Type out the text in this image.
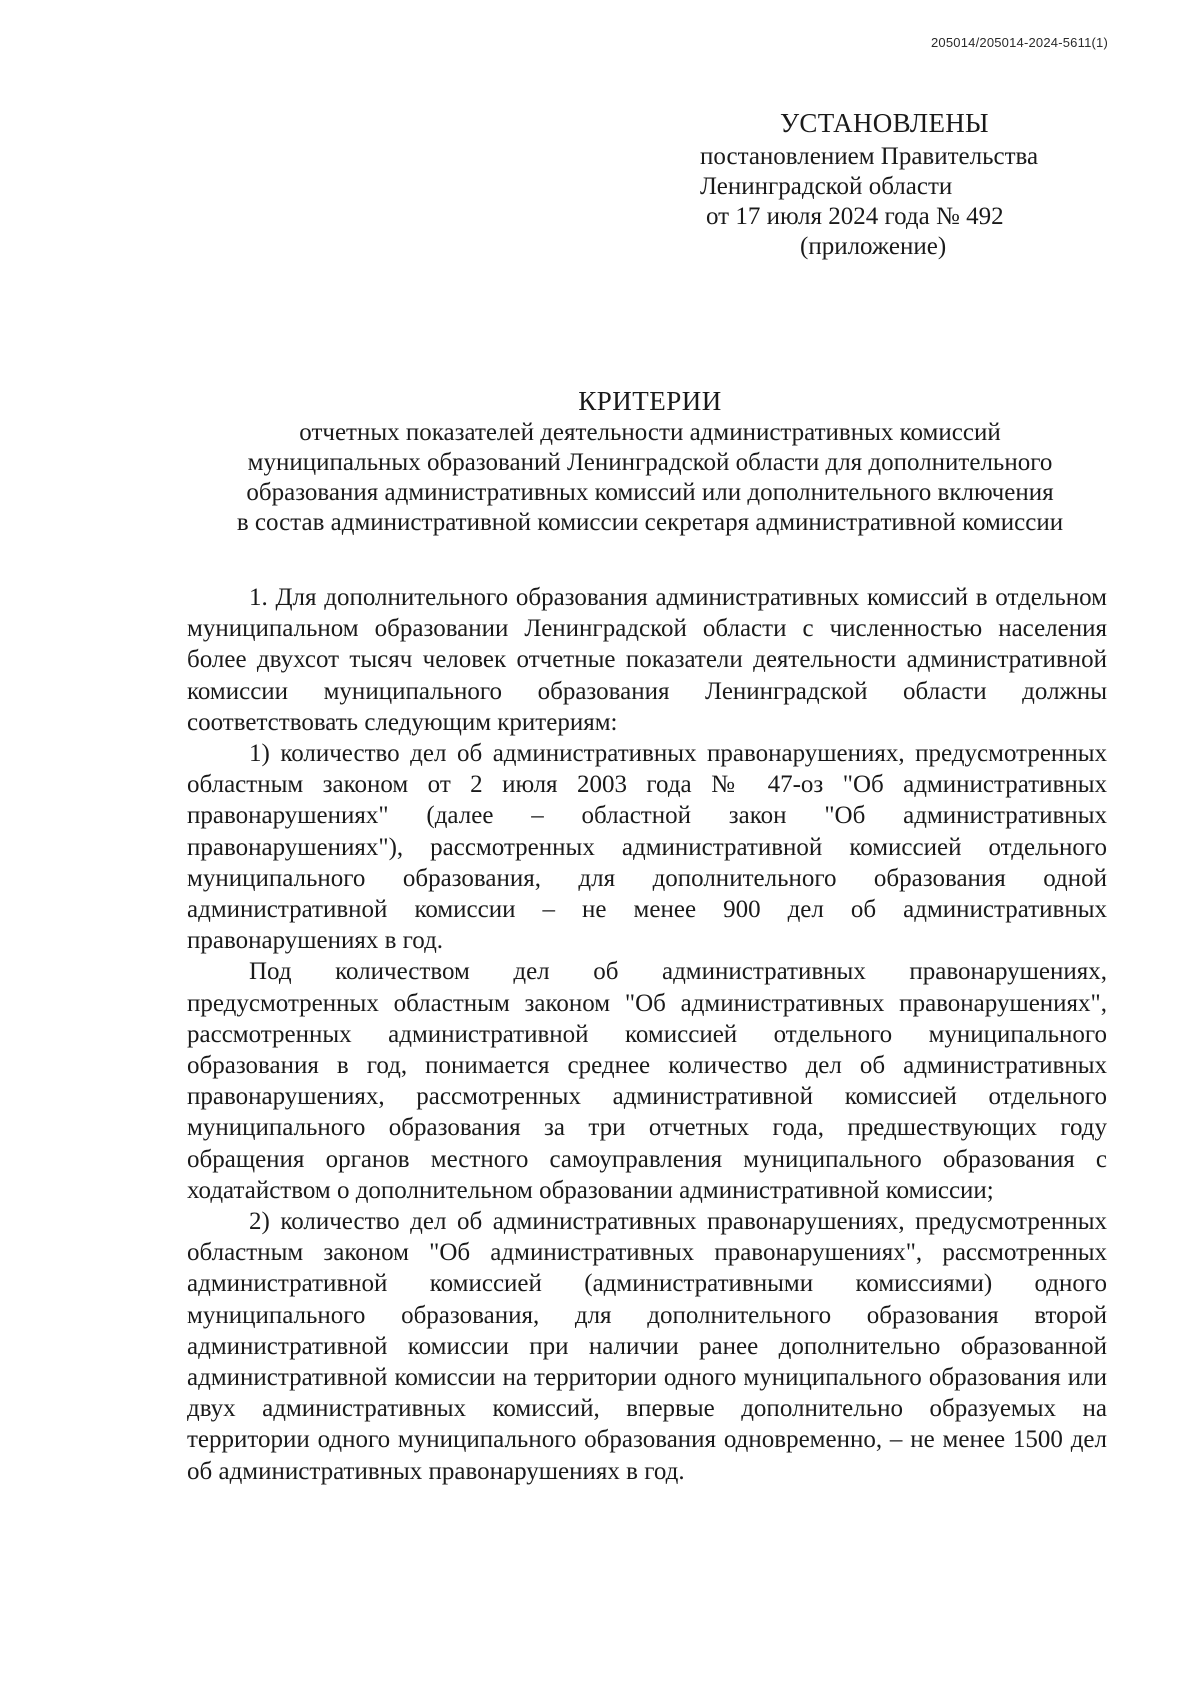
205014/205014-2024-5611(1)
УСТАНОВЛЕНЫ
постановлением Правительства
Ленинградской области
от 17 июля 2024 года № 492
(приложение)
КРИТЕРИИ
отчетных показателей деятельности административных комиссий
муниципальных образований Ленинградской области для дополнительного
образования административных комиссий или дополнительного включения
в состав административной комиссии секретаря административной комиссии

1. Для дополнительного образования административных комиссий в отдельном муниципальном образовании Ленинградской области с численностью населения более двухсот тысяч человек отчетные показатели деятельности административной комиссии муниципального образования Ленинградской области должны соответствовать следующим критериям:

1) количество дел об административных правонарушениях, предусмотренных областным законом от 2 июля 2003 года № 47-оз "Об административных правонарушениях" (далее – областной закон "Об административных правонарушениях"), рассмотренных административной комиссией отдельного муниципального образования, для дополнительного образования одной административной комиссии – не менее 900 дел об административных правонарушениях в год.

Под количеством дел об административных правонарушениях, предусмотренных областным законом "Об административных правонарушениях", рассмотренных административной комиссией отдельного муниципального образования в год, понимается среднее количество дел об административных правонарушениях, рассмотренных административной комиссией отдельного муниципального образования за три отчетных года, предшествующих году обращения органов местного самоуправления муниципального образования с ходатайством о дополнительном образовании административной комиссии;

2) количество дел об административных правонарушениях, предусмотренных областным законом "Об административных правонарушениях", рассмотренных административной комиссией (административными комиссиями) одного муниципального образования, для дополнительного образования второй административной комиссии при наличии ранее дополнительно образованной административной комиссии на территории одного муниципального образования или двух административных комиссий, впервые дополнительно образуемых на территории одного муниципального образования одновременно, – не менее 1500 дел об административных правонарушениях в год.
